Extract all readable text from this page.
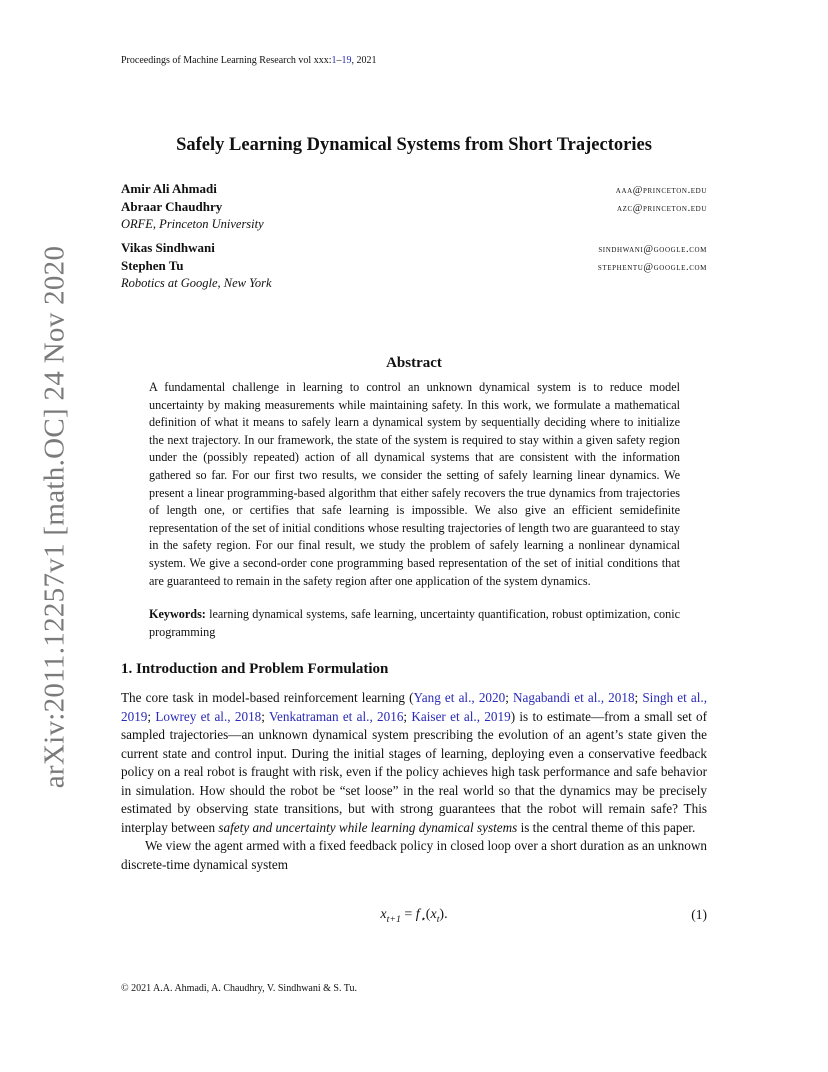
arXiv:2011.12257v1 [math.OC] 24 Nov 2020
Proceedings of Machine Learning Research vol xxx:1–19, 2021
Safely Learning Dynamical Systems from Short Trajectories
Amir Ali Ahmadi	aaa@princeton.edu
Abraar Chaudhry	azc@princeton.edu
ORFE, Princeton University
Vikas Sindhwani	sindhwani@google.com
Stephen Tu	stephentu@google.com
Robotics at Google, New York
Abstract
A fundamental challenge in learning to control an unknown dynamical system is to reduce model uncertainty by making measurements while maintaining safety. In this work, we formulate a mathematical definition of what it means to safely learn a dynamical system by sequentially deciding where to initialize the next trajectory. In our framework, the state of the system is required to stay within a given safety region under the (possibly repeated) action of all dynamical systems that are consistent with the information gathered so far. For our first two results, we consider the setting of safely learning linear dynamics. We present a linear programming-based algorithm that either safely recovers the true dynamics from trajectories of length one, or certifies that safe learning is impossible. We also give an efficient semidefinite representation of the set of initial conditions whose resulting trajectories of length two are guaranteed to stay in the safety region. For our final result, we study the problem of safely learning a nonlinear dynamical system. We give a second-order cone programming based representation of the set of initial conditions that are guaranteed to remain in the safety region after one application of the system dynamics.
Keywords: learning dynamical systems, safe learning, uncertainty quantification, robust optimization, conic programming
1. Introduction and Problem Formulation

The core task in model-based reinforcement learning (Yang et al., 2020; Nagabandi et al., 2018; Singh et al., 2019; Lowrey et al., 2018; Venkatraman et al., 2016; Kaiser et al., 2019) is to estimate—from a small set of sampled trajectories—an unknown dynamical system prescribing the evolution of an agent’s state given the current state and control input. During the initial stages of learning, deploying even a conservative feedback policy on a real robot is fraught with risk, even if the policy achieves high task performance and safe behavior in simulation. How should the robot be “set loose” in the real world so that the dynamics may be precisely estimated by observing state transitions, but with strong guarantees that the robot will remain safe? This interplay between safety and uncertainty while learning dynamical systems is the central theme of this paper.

We view the agent armed with a fixed feedback policy in closed loop over a short duration as an unknown discrete-time dynamical system

$x_{t+1} = f_⋆(x_t)$.	(1)
© 2021 A.A. Ahmadi, A. Chaudhry, V. Sindhwani & S. Tu.
